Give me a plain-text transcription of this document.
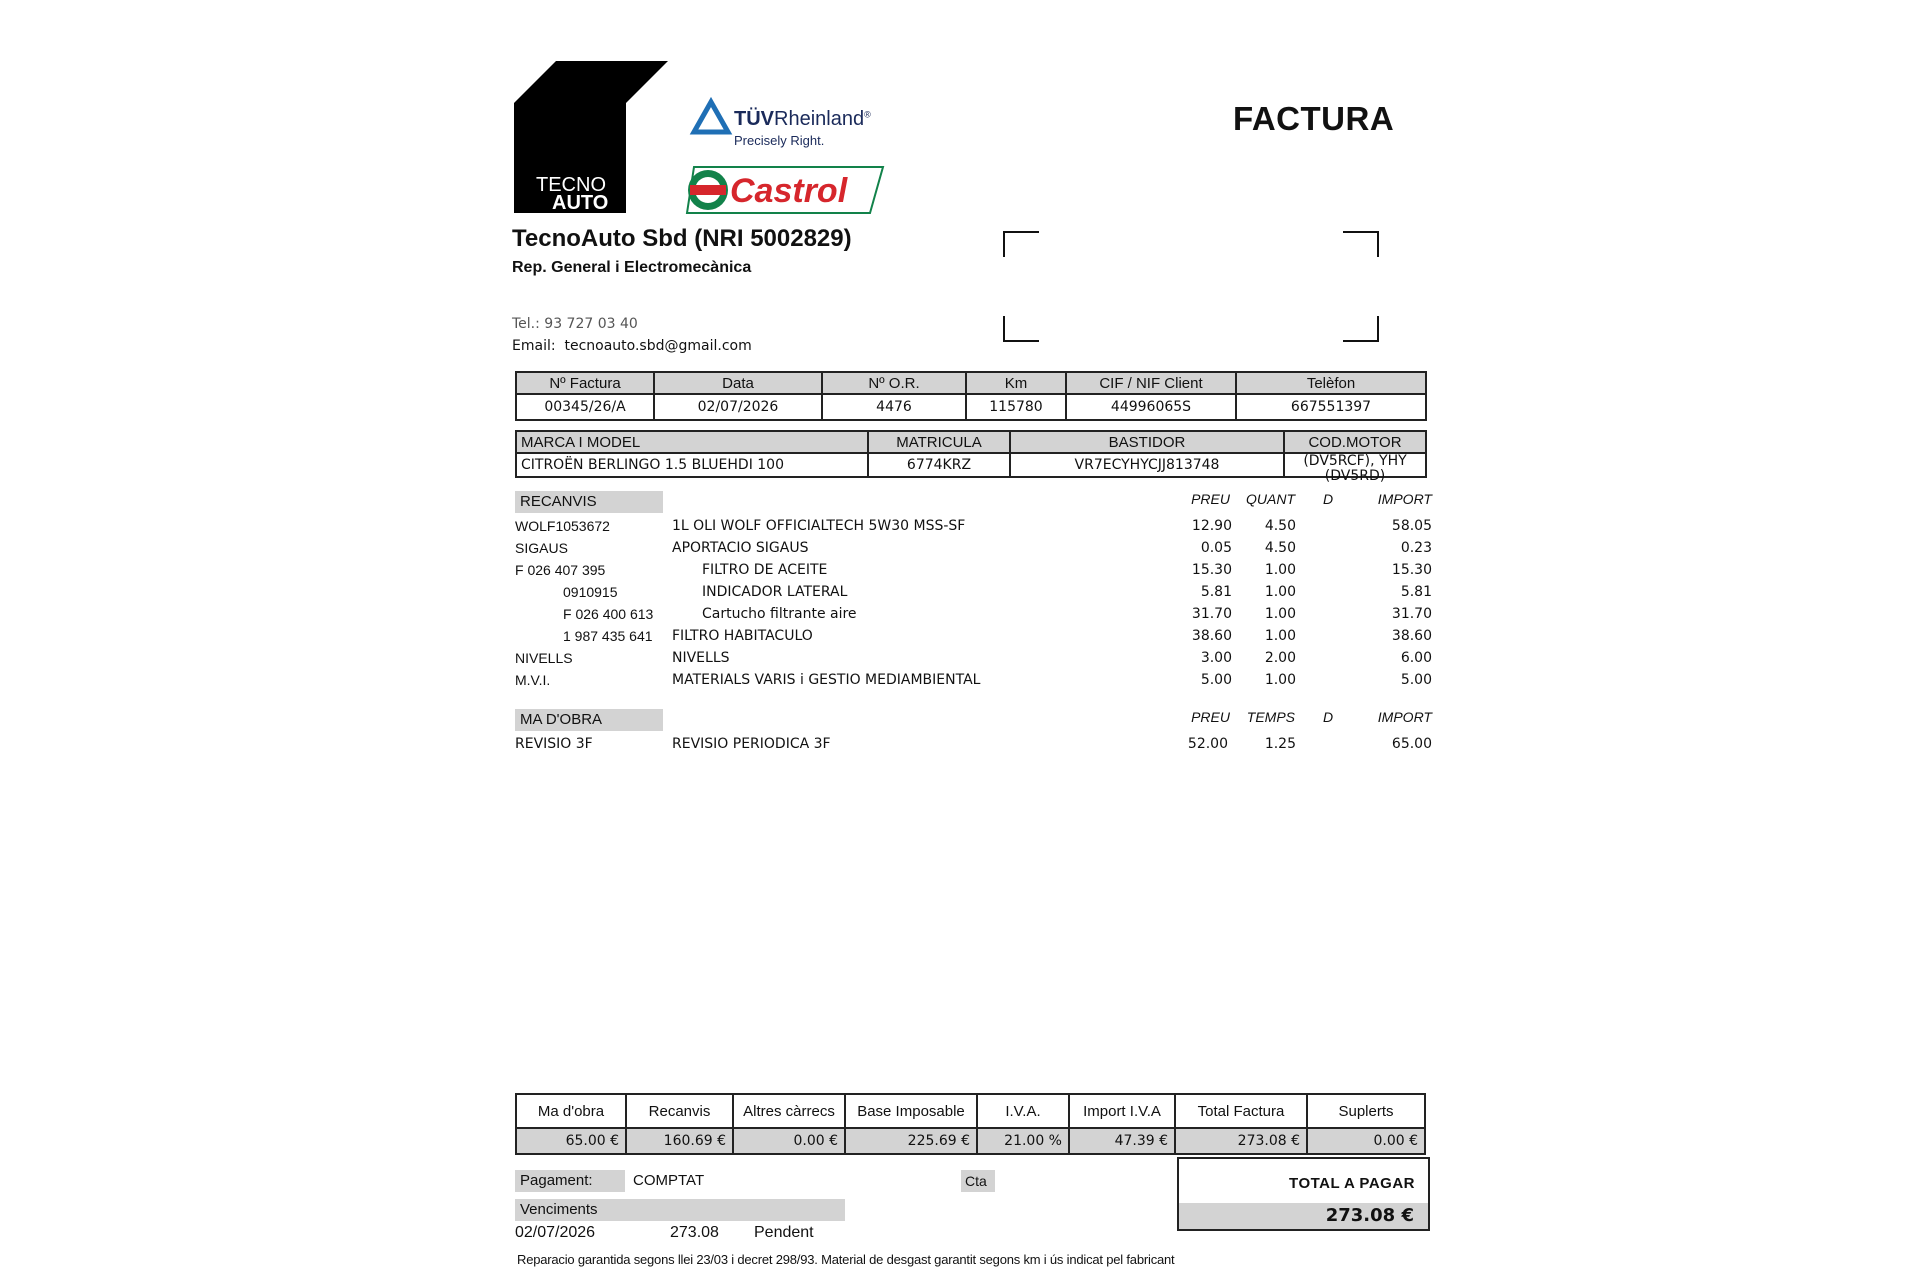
TECNO
AUTO
TÜVRheinland®
Precisely Right.
Castrol
FACTURA
TecnoAuto Sbd (NRI 5002829)
Rep. General i Electromecànica
Tel.: 93 727 03 40
Email: tecnoauto.sbd@gmail.com
Nº Factura	Data	Nº O.R.	Km	CIF / NIF Client	Telèfon
00345/26/A	02/07/2026	4476	115780	44996065S	667551397
MARCA I MODEL	MATRICULA	BASTIDOR	COD.MOTOR
CITROËN BERLINGO 1.5 BLUEHDI 100	6774KRZ	VR7ECYHYCJJ813748	(DV5RCF), YHY (DV5RD)
RECANVIS	PREU QUANT D	IMPORT
WOLF1053672	1L OLI WOLF OFFICIALTECH 5W30 MSS-SF	12.90	4.50	58.05
SIGAUS	APORTACIO SIGAUS	0.05	4.50	0.23
F 026 407 395	FILTRO DE ACEITE	15.30	1.00	15.30
0910915	INDICADOR LATERAL	5.81	1.00	5.81
F 026 400 613	Cartucho filtrante aire	31.70	1.00	31.70
1 987 435 641 FILTRO HABITACULO	38.60	1.00	38.60
NIVELLS	NIVELLS	3.00	2.00	6.00
M.V.I.	MATERIALS VARIS i GESTIO MEDIAMBIENTAL	5.00	1.00	5.00
MA D'OBRA	PREU TEMPS D	IMPORT
REVISIO 3F	REVISIO PERIODICA 3F	52.00	1.25	65.00
Ma d'obra	Recanvis	Altres càrrecs	Base Imposable	I.V.A.	Import I.V.A	Total Factura	Suplerts
65.00 €	160.69 €	0.00 €	225.69 €	21.00 %	47.39 €	273.08 €	0.00 €
Pagament:	COMPTAT	Cta
Venciments
02/07/2026	273.08 Pendent
TOTAL A PAGAR
273.08 €
Reparacio garantida segons llei 23/03 i decret 298/93. Material de desgast garantit segons km i ús indicat pel fabricant
